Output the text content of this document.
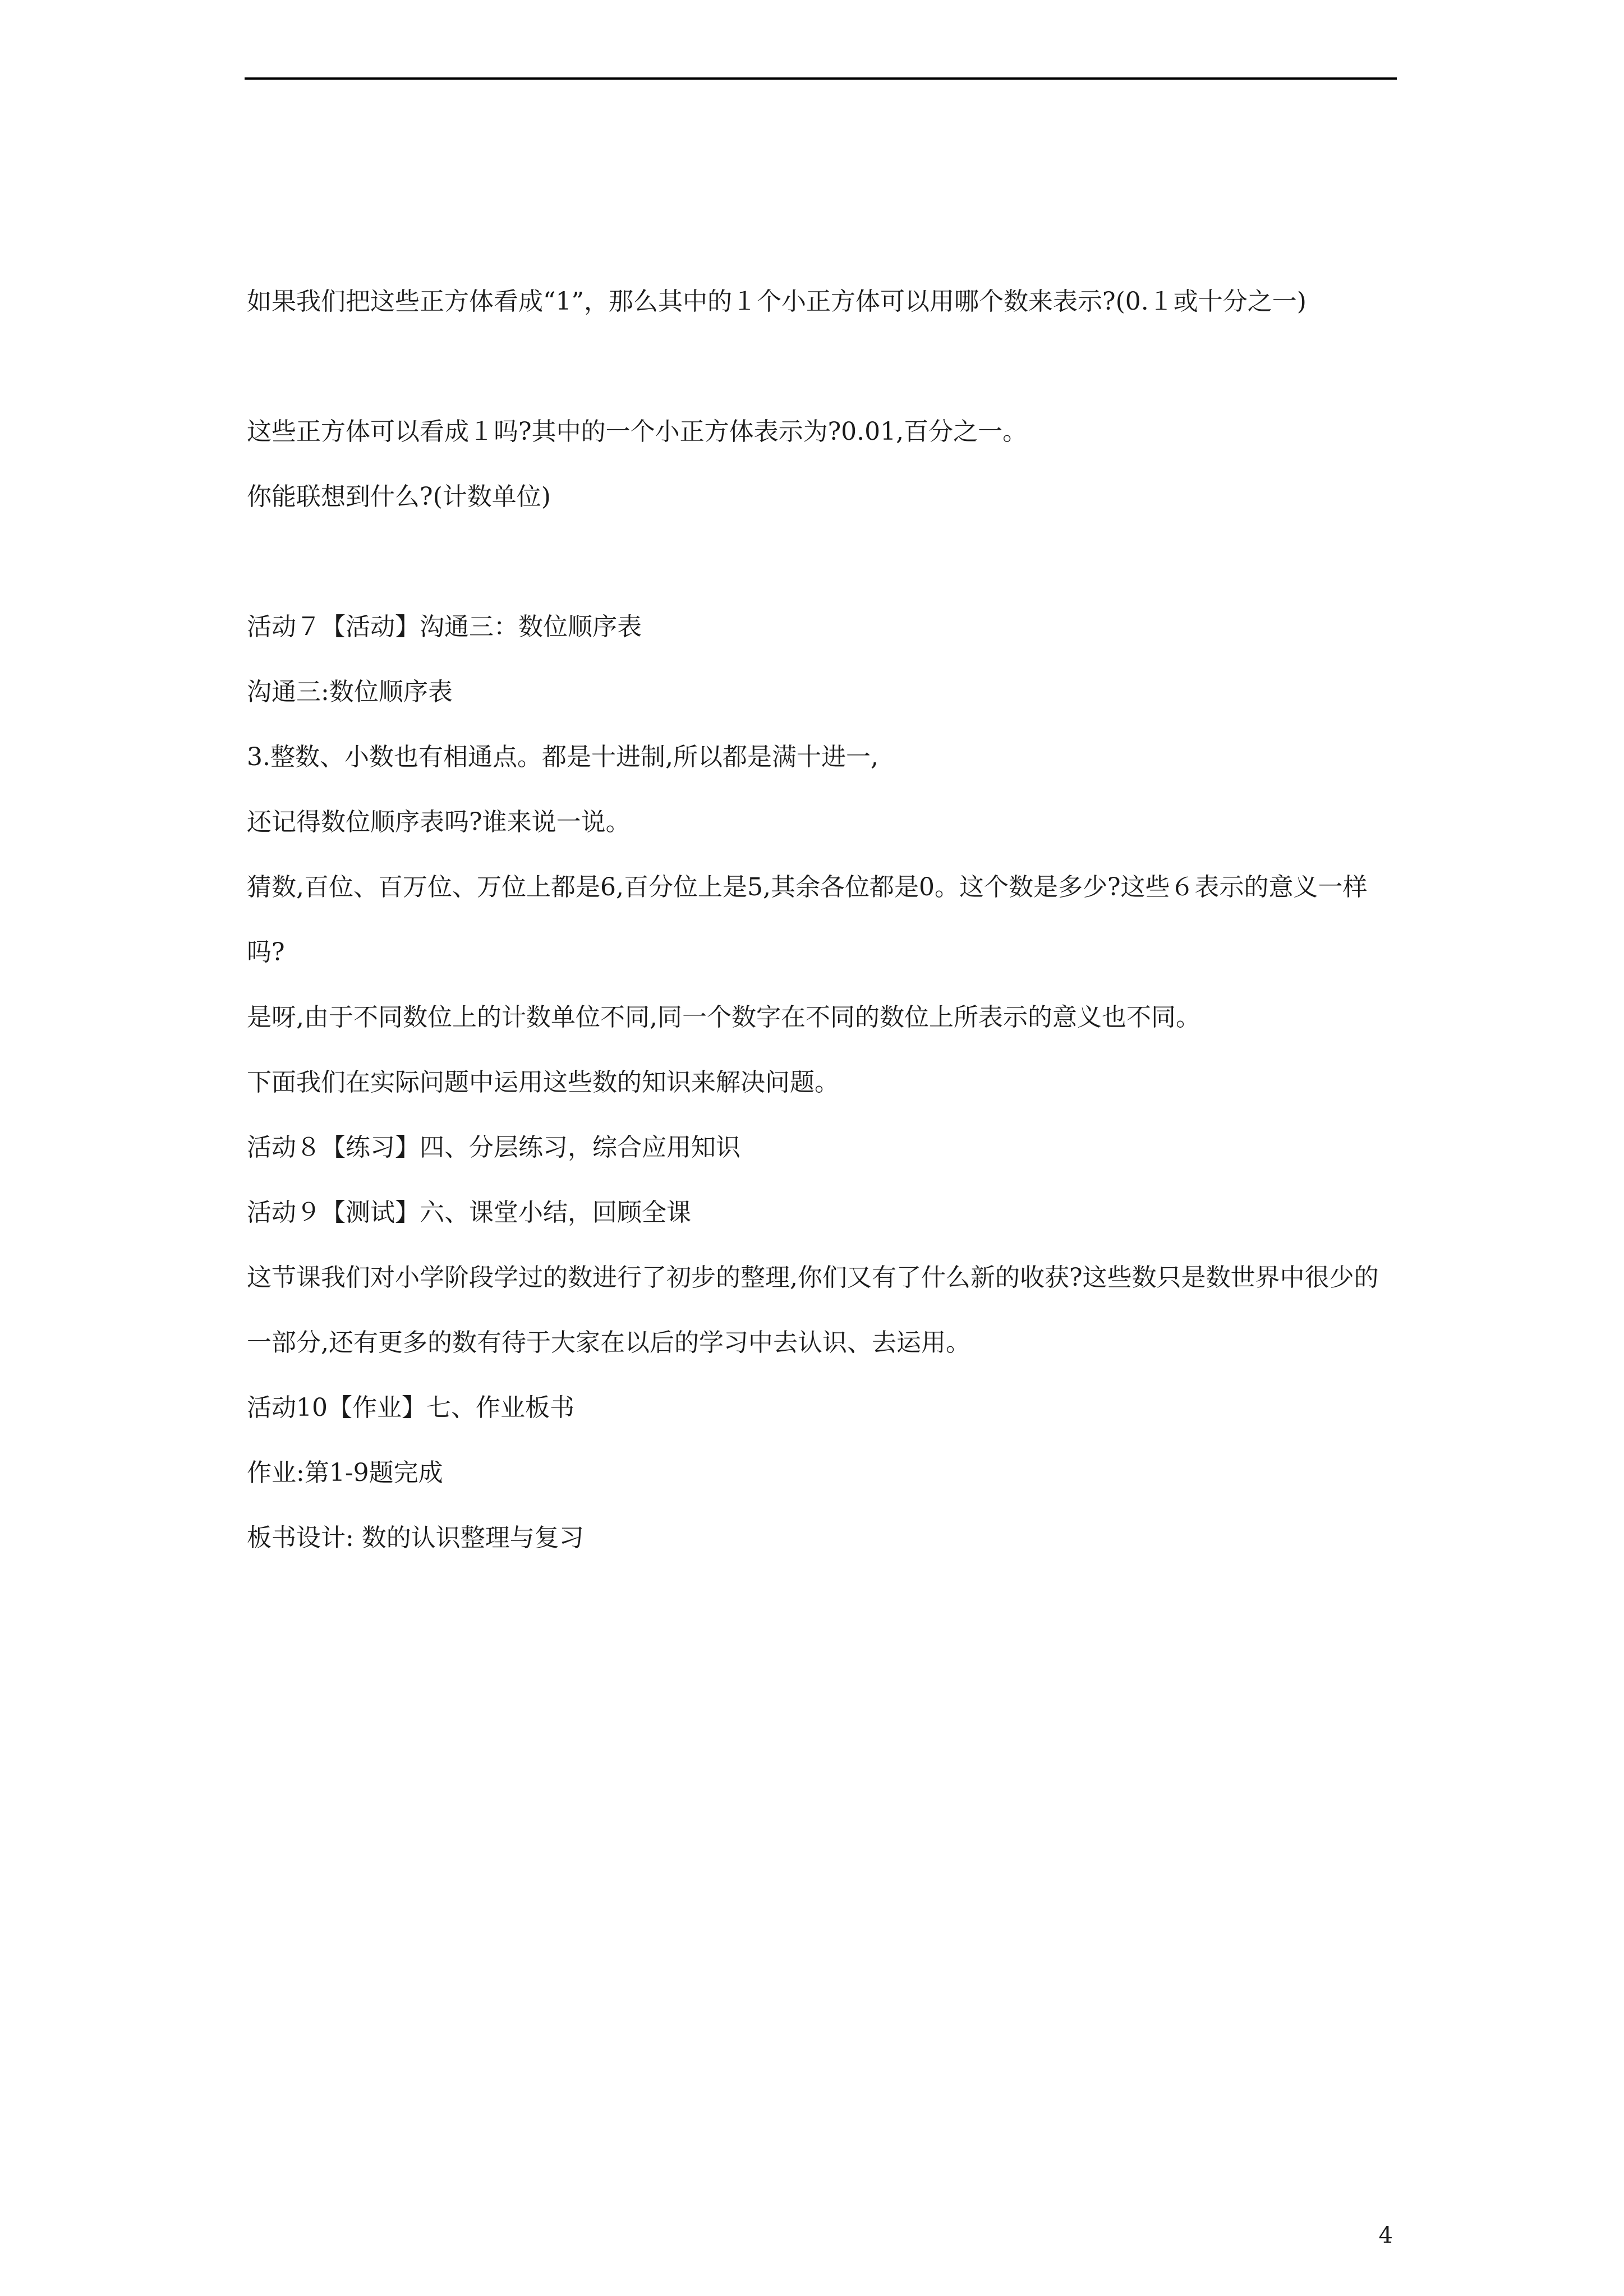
如果我们把这些正方体看成“1”，那么其中的１个小正方体可以用哪个数来表示?(0.１或十分之一)

这些正方体可以看成１吗?其中的一个小正方体表示为?0.01,百分之一。

你能联想到什么?(计数单位)

活动７【活动】沟通三：数位顺序表

沟通三:数位顺序表

3.整数、小数也有相通点。都是十进制,所以都是满十进一,

还记得数位顺序表吗?谁来说一说。

猜数,百位、百万位、万位上都是6,百分位上是5,其余各位都是0。这个数是多少?这些６表示的意义一样吗?

是呀,由于不同数位上的计数单位不同,同一个数字在不同的数位上所表示的意义也不同。

下面我们在实际问题中运用这些数的知识来解决问题。

活动８【练习】四、分层练习，综合应用知识

活动９【测试】六、课堂小结，回顾全课

这节课我们对小学阶段学过的数进行了初步的整理,你们又有了什么新的收获?这些数只是数世界中很少的一部分,还有更多的数有待于大家在以后的学习中去认识、去运用。

活动10【作业】七、作业板书

作业:第1-9题完成

板书设计: 数的认识整理与复习

4
